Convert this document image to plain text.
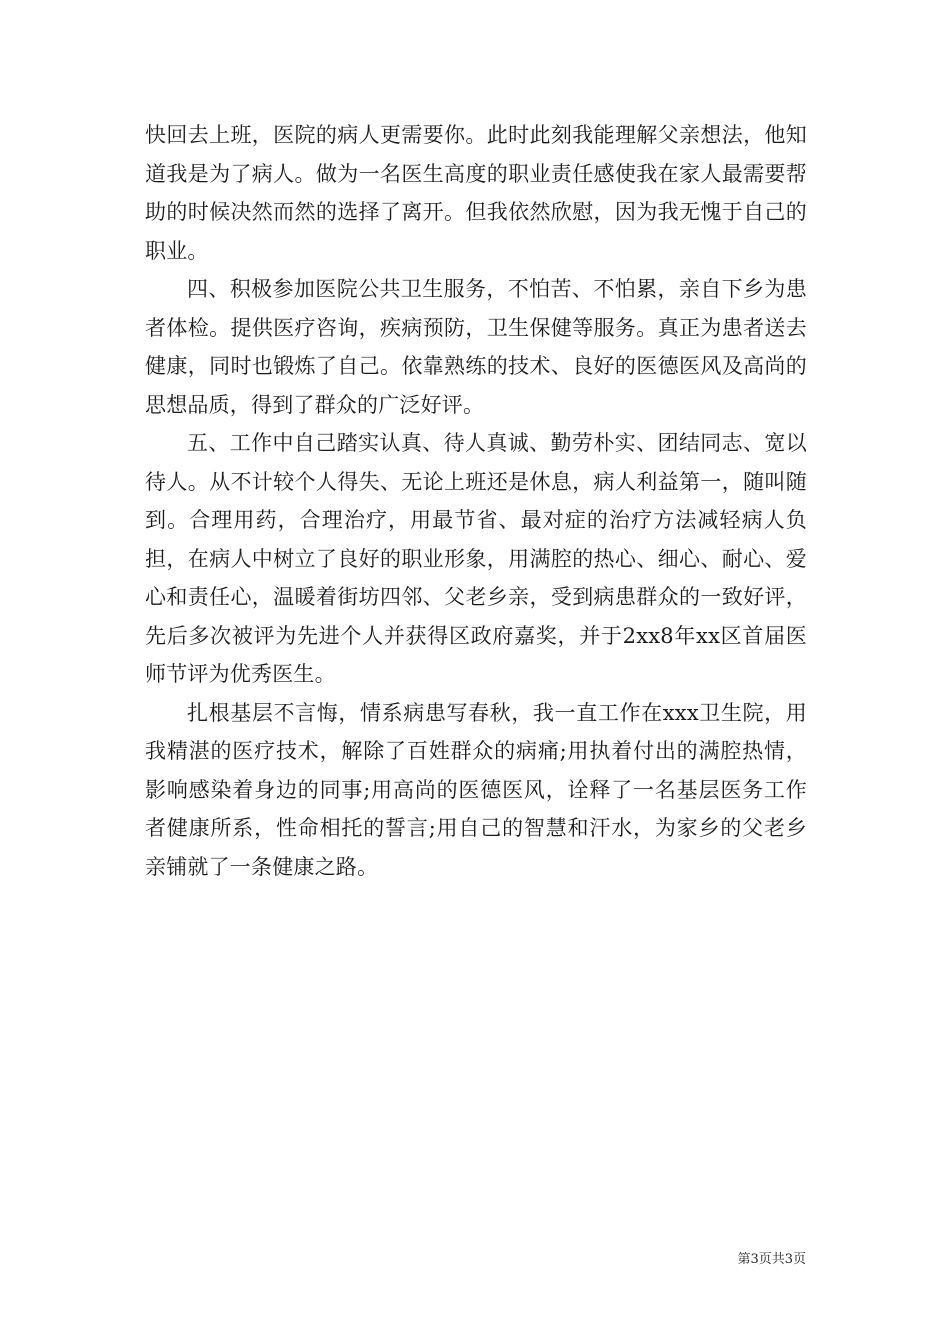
快回去上班，医院的病人更需要你。此时此刻我能理解父亲想法，他知道我是为了病人。做为一名医生高度的职业责任感使我在家人最需要帮助的时候决然而然的选择了离开。但我依然欣慰，因为我无愧于自己的职业。

四、积极参加医院公共卫生服务，不怕苦、不怕累，亲自下乡为患者体检。提供医疗咨询，疾病预防，卫生保健等服务。真正为患者送去健康，同时也锻炼了自己。依靠熟练的技术、良好的医德医风及高尚的思想品质，得到了群众的广泛好评。

五、工作中自己踏实认真、待人真诚、勤劳朴实、团结同志、宽以待人。从不计较个人得失、无论上班还是休息，病人利益第一，随叫随到。合理用药，合理治疗，用最节省、最对症的治疗方法减轻病人负担，在病人中树立了良好的职业形象，用满腔的热心、细心、耐心、爱心和责任心，温暖着街坊四邻、父老乡亲，受到病患群众的一致好评，先后多次被评为先进个人并获得区政府嘉奖，并于2xx8年xx区首届医师节评为优秀医生。

扎根基层不言悔，情系病患写春秋，我一直工作在xxx卫生院，用我精湛的医疗技术，解除了百姓群众的病痛;用执着付出的满腔热情，影响感染着身边的同事;用高尚的医德医风，诠释了一名基层医务工作者健康所系，性命相托的誓言;用自己的智慧和汗水，为家乡的父老乡亲铺就了一条健康之路。

第3页共3页
